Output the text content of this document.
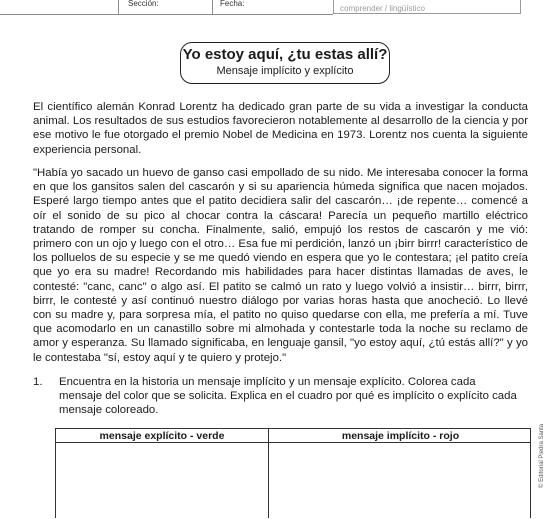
Sección:	Fecha:
comprender / lingüístico
Yo estoy aquí, ¿tu estas allí?
Mensaje implícito y explícito

El científico alemán Konrad Lorentz ha dedicado gran parte de su vida a investigar la conducta animal. Los resultados de sus estudios favorecieron notablemente al desarrollo de la ciencia y por ese motivo le fue otorgado el premio Nobel de Medicina en 1973. Lorentz nos cuenta la siguiente experiencia personal.

"Había yo sacado un huevo de ganso casi empollado de su nido. Me interesaba conocer la forma en que los gansitos salen del cascarón y si su apariencia húmeda significa que nacen mojados. Esperé largo tiempo antes que el patito decidiera salir del cascarón… ¡de repente… comencé a oír el sonido de su pico al chocar contra la cáscara! Parecía un pequeño martillo eléctrico tratando de romper su concha. Finalmente, salió, empujó los restos de cascarón y me vió: primero con un ojo y luego con el otro… Esa fue mi perdición, lanzó un ¡birr birrr! característico de los polluelos de su especie y se me quedó viendo en espera que yo le contestara; ¡el patito creía que yo era su madre! Recordando mis habilidades para hacer distintas llamadas de aves, le contesté: "canc, canc" o algo así. El patito se calmó un rato y luego volvió a insistir… birrr, birrr, birrr, le contesté y así continuó nuestro diálogo por varias horas hasta que anocheció. Lo llevé con su madre y, para sorpresa mía, el patito no quiso quedarse con ella, me prefería a mí. Tuve que acomodarlo en un canastillo sobre mi almohada y contestarle toda la noche su reclamo de amor y esperanza. Su llamado significaba, en lenguaje gansil, "yo estoy aquí, ¿tú estás allí?" y yo le contestaba "sí, estoy aquí y te quiero y protejo."

1. Encuentra en la historia un mensaje implícito y un mensaje explícito. Colorea cada mensaje del color que se solicita. Explica en el cuadro por qué es implícito o explícito cada mensaje coloreado.

mensaje explícito - verde	mensaje implícito - rojo	© Editorial Piedra Santa
